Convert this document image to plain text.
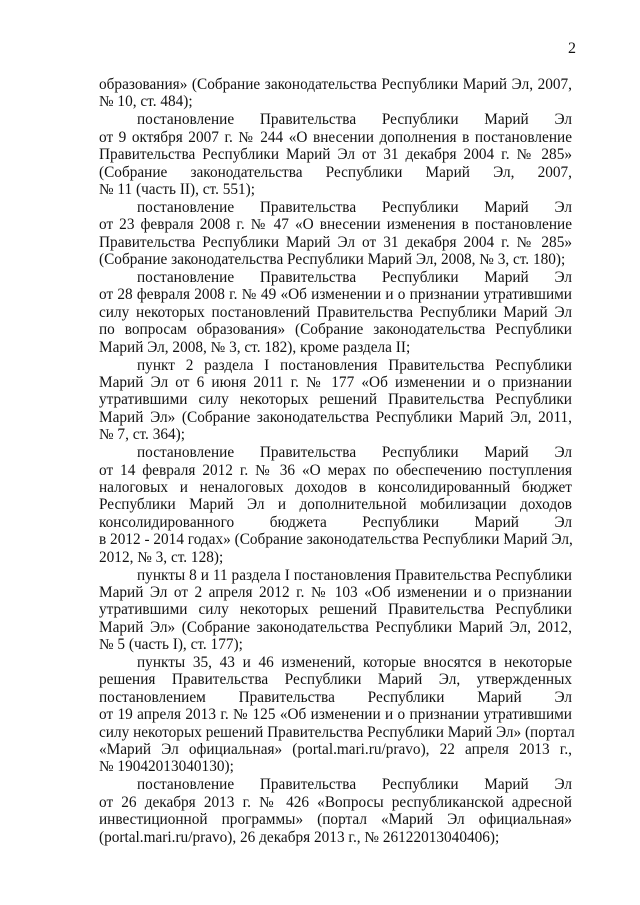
2
образования» (Собрание законодательства Республики Марий Эл, 2007,
№ 10, ст. 484);
постановление Правительства Республики Марий Эл
от 9 октября 2007 г. № 244 «О внесении дополнения в постановление
Правительства Республики Марий Эл от 31 декабря 2004 г. № 285»
(Собрание законодательства Республики Марий Эл, 2007,
№ 11 (часть II), ст. 551);
постановление Правительства Республики Марий Эл
от 23 февраля 2008 г. № 47 «О внесении изменения в постановление
Правительства Республики Марий Эл от 31 декабря 2004 г. № 285»
(Собрание законодательства Республики Марий Эл, 2008, № 3, ст. 180);
постановление Правительства Республики Марий Эл
от 28 февраля 2008 г. № 49 «Об изменении и о признании утратившими
силу некоторых постановлений Правительства Республики Марий Эл
по вопросам образования» (Собрание законодательства Республики
Марий Эл, 2008, № 3, ст. 182), кроме раздела II;
пункт 2 раздела I постановления Правительства Республики
Марий Эл от 6 июня 2011 г. № 177 «Об изменении и о признании
утратившими силу некоторых решений Правительства Республики
Марий Эл» (Собрание законодательства Республики Марий Эл, 2011,
№ 7, ст. 364);
постановление Правительства Республики Марий Эл
от 14 февраля 2012 г. № 36 «О мерах по обеспечению поступления
налоговых и неналоговых доходов в консолидированный бюджет
Республики Марий Эл и дополнительной мобилизации доходов
консолидированного бюджета Республики Марий Эл
в 2012 - 2014 годах» (Собрание законодательства Республики Марий Эл,
2012, № 3, ст. 128);
пункты 8 и 11 раздела I постановления Правительства Республики
Марий Эл от 2 апреля 2012 г. № 103 «Об изменении и о признании
утратившими силу некоторых решений Правительства Республики
Марий Эл» (Собрание законодательства Республики Марий Эл, 2012,
№ 5 (часть I), ст. 177);
пункты 35, 43 и 46 изменений, которые вносятся в некоторые
решения Правительства Республики Марий Эл, утвержденных
постановлением Правительства Республики Марий Эл
от 19 апреля 2013 г. № 125 «Об изменении и о признании утратившими
силу некоторых решений Правительства Республики Марий Эл» (портал
«Марий Эл официальная» (portal.mari.ru/pravo), 22 апреля 2013 г.,
№ 19042013040130);
постановление Правительства Республики Марий Эл
от 26 декабря 2013 г. № 426 «Вопросы республиканской адресной
инвестиционной программы» (портал «Марий Эл официальная»
(portal.mari.ru/pravo), 26 декабря 2013 г., № 26122013040406);
